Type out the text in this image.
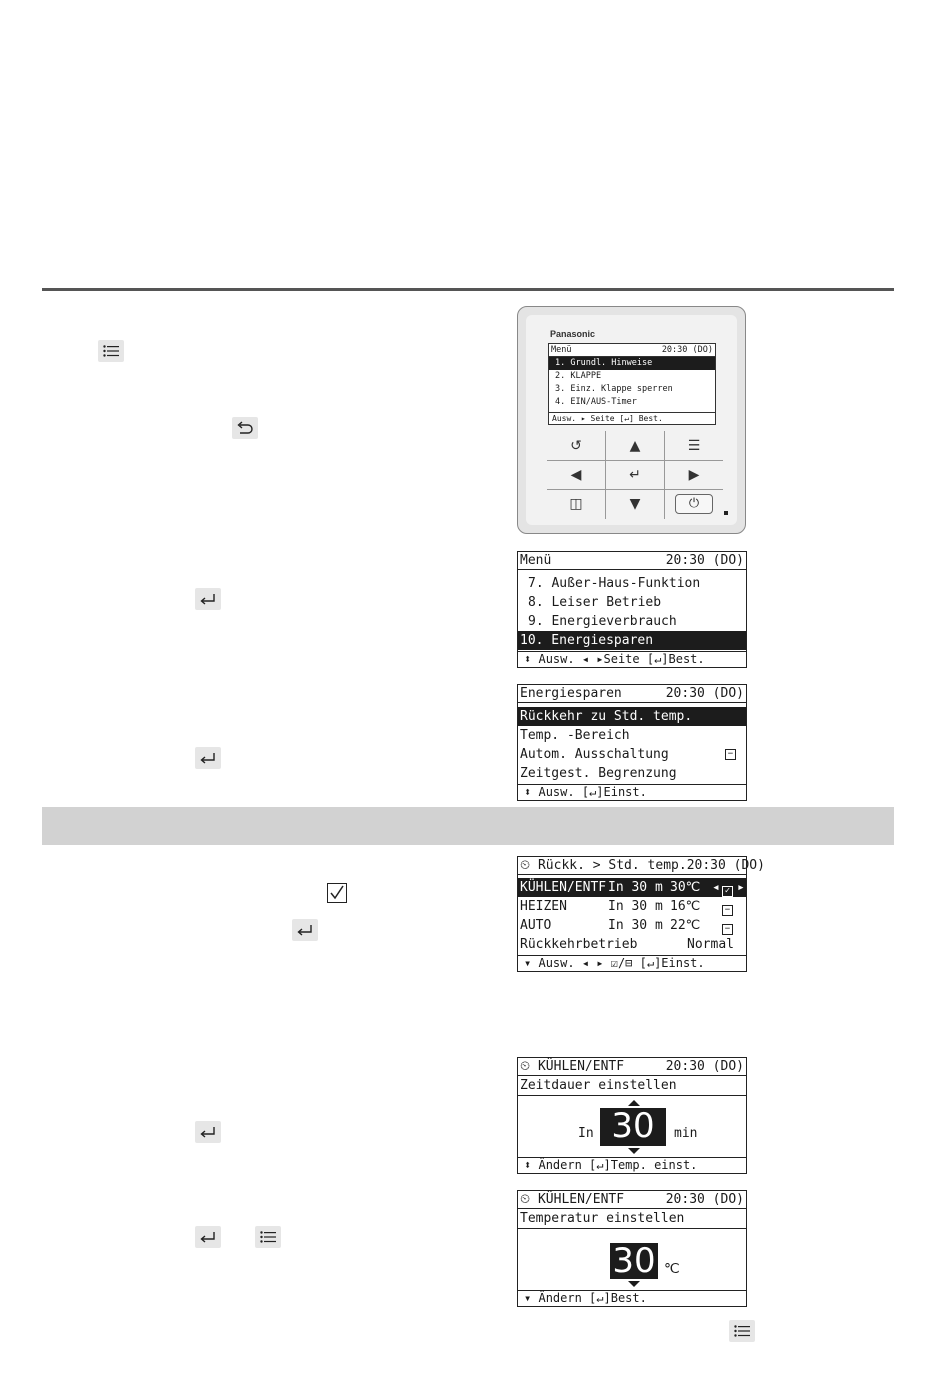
Panasonic
Menü	20:30 (DO)
1. Grundl. Hinweise
2. KLAPPE
3. Einz. Klappe sperren
4. EIN/AUS-Timer
Ausw. ▸ Seite [↵] Best.
↺	▲	☰
◀	↵	▶
◫	▼	⏻
Menü	20:30 (DO)
7. Außer-Haus-Funktion
8. Leiser Betrieb
9. Energieverbrauch
10. Energiesparen
⬍ Ausw. ◂ ▸Seite [↵]Best.
Energiesparen	20:30 (DO)
Rückkehr zu Std. temp.
Temp. -Bereich
Autom. Ausschaltung	−
Zeitgest. Begrenzung
⬍ Ausw. [↵]Einst.
⏲ Rückk. > Std. temp. 20:30 (DO)
KÜHLEN/ENTF In 30 m 30℃ ◂ ✓ ▸
HEIZEN	In 30 m 16℃	−
AUTO	In 30 m 22℃	−
Rückkehrbetrieb	Normal
▾ Ausw. ◂ ▸ ☑/⊟ [↵]Einst.
⏲ KÜHLEN/ENTF	20:30 (DO)
Zeitdauer einstellen
In 30	min
⬍ Ändern [↵]Temp. einst.
⏲ KÜHLEN/ENTF	20:30 (DO)
Temperatur einstellen
30 ℃
▾ Ändern [↵]Best.
